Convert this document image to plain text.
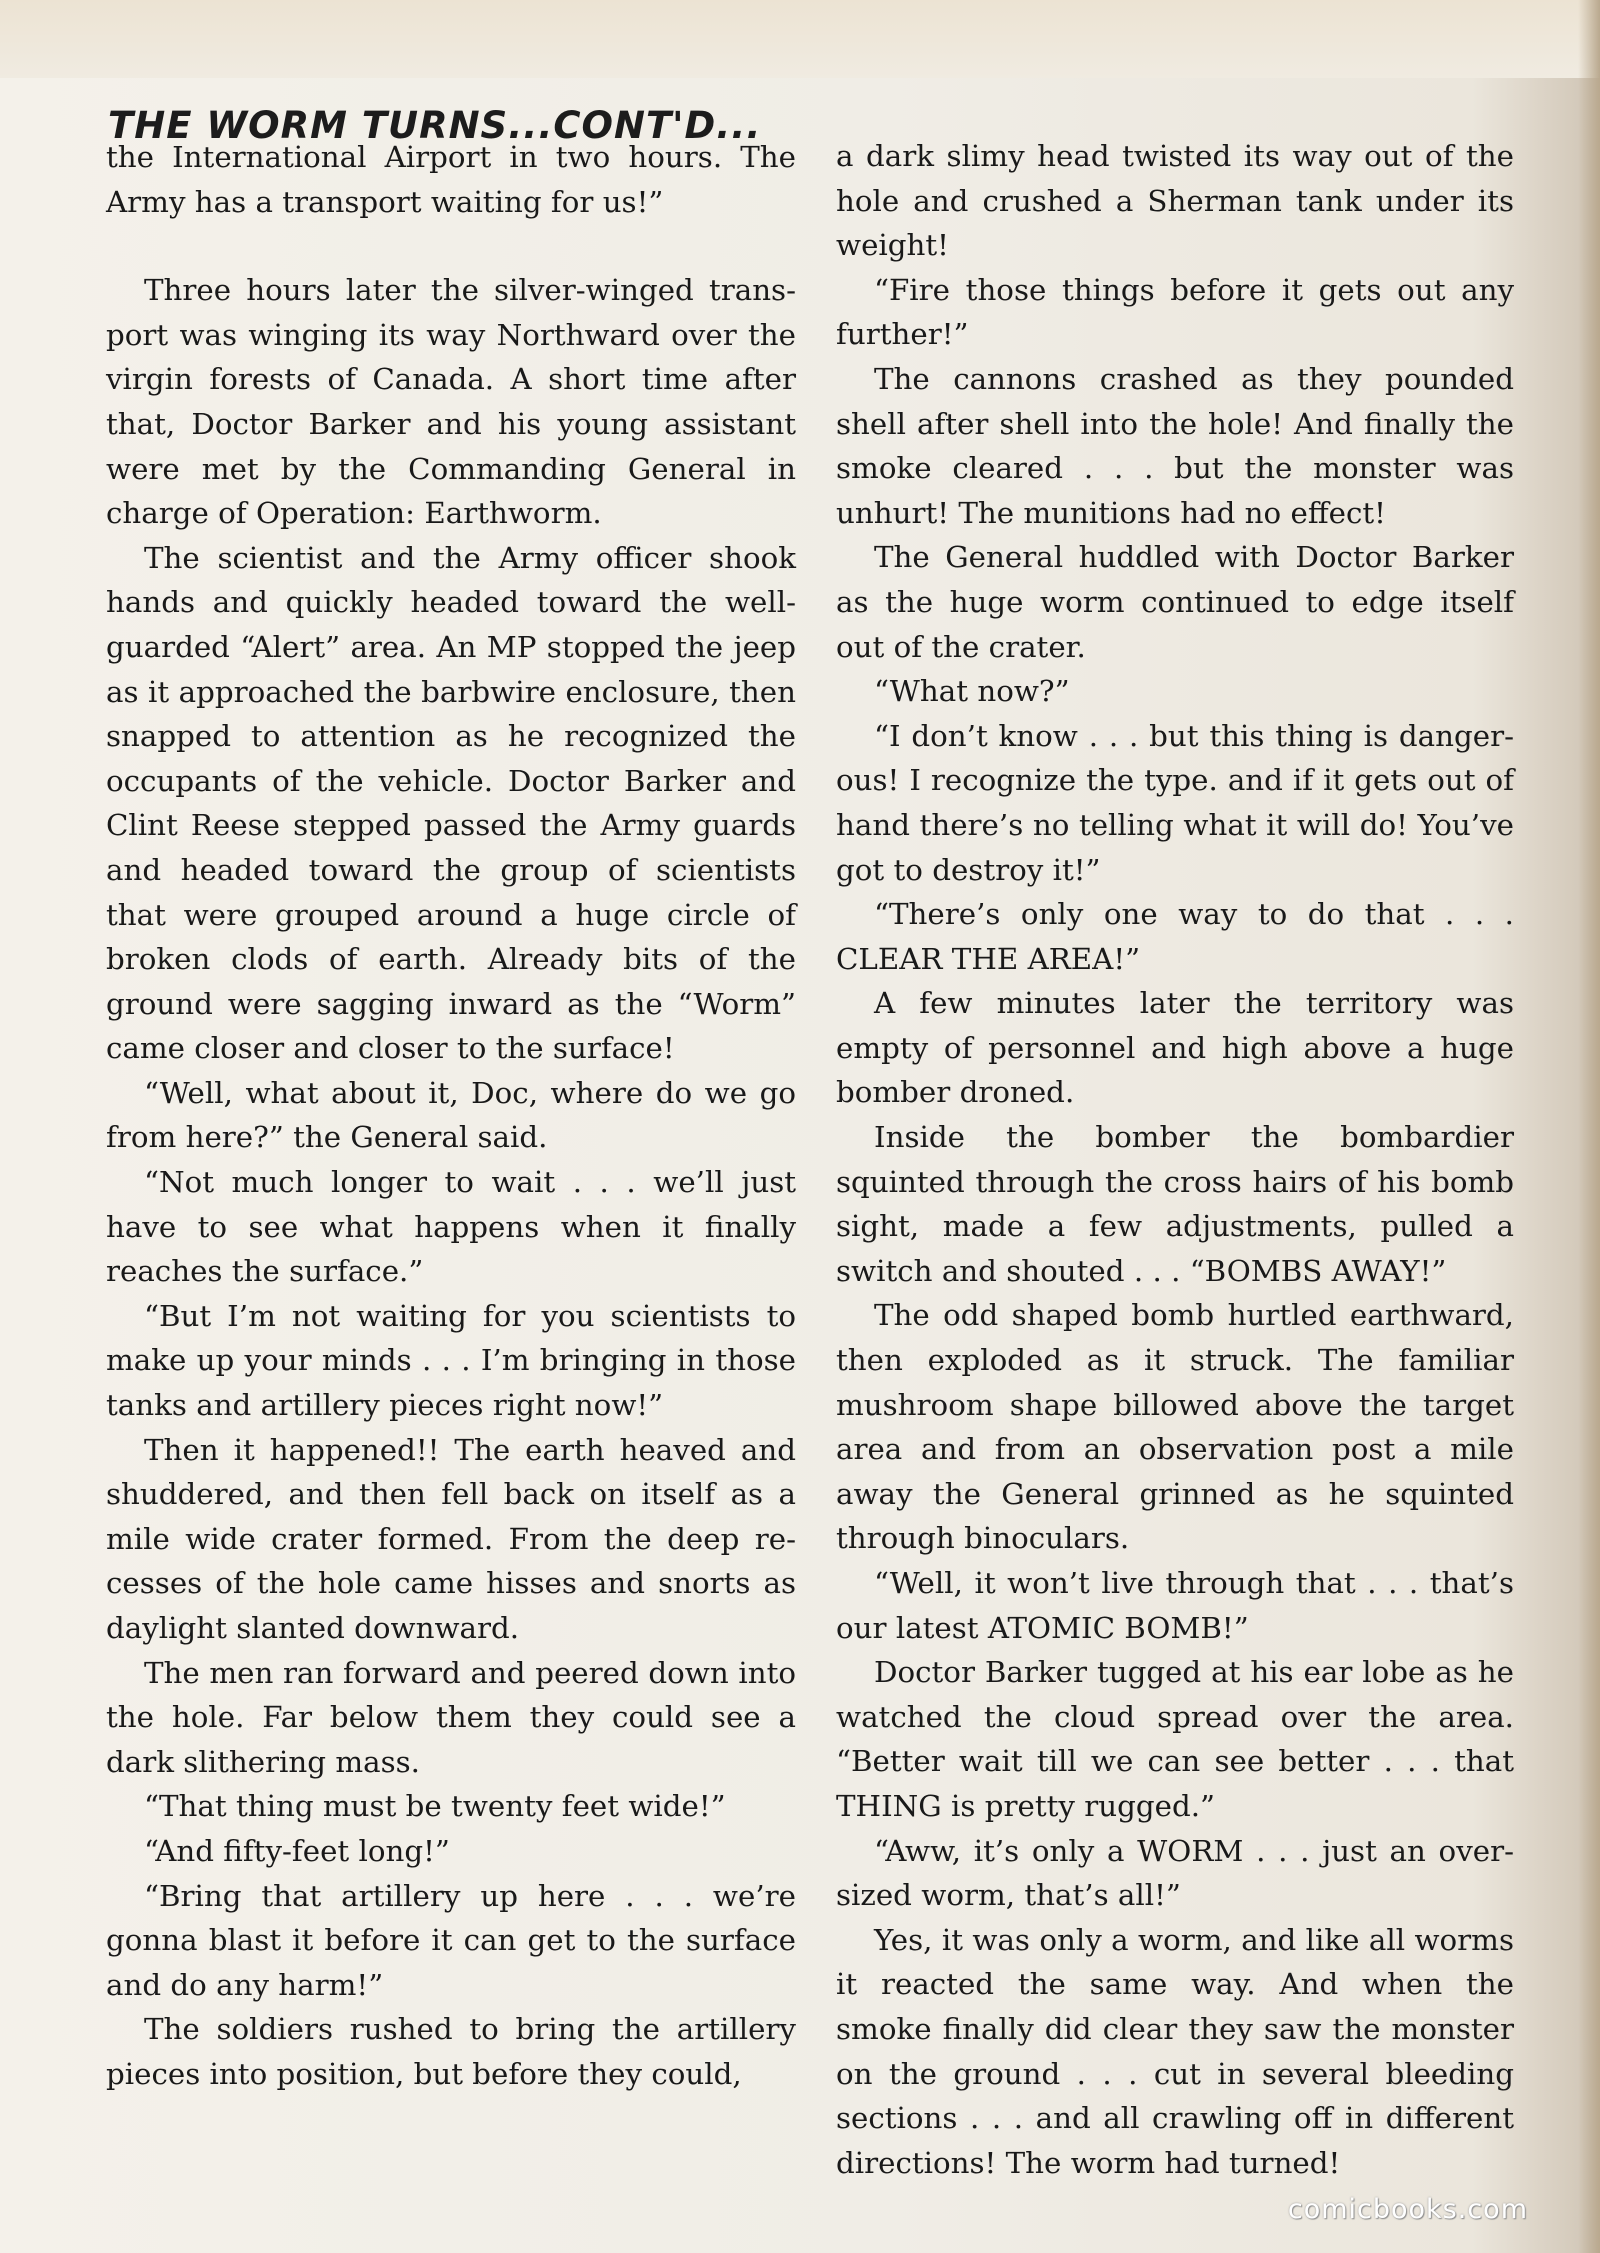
THE WORM TURNS...CONT'D...

the International Airport in two hours. The Army has a transport waiting for us!”

Three hours later the silver-winged transport was winging its way Northward over the virgin forests of Canada. A short time after that, Doctor Barker and his young assistant were met by the Commanding General in charge of Operation: Earthworm.

The scientist and the Army officer shook hands and quickly headed toward the well-guarded “Alert” area. An MP stopped the jeep as it approached the barbwire enclosure, then snapped to attention as he recognized the occupants of the vehicle. Doctor Barker and Clint Reese stepped passed the Army guards and headed toward the group of scientists that were grouped around a huge circle of broken clods of earth. Already bits of the ground were sagging inward as the “Worm” came closer and closer to the surface!

“Well, what about it, Doc, where do we go from here?” the General said.

“Not much longer to wait . . . we’ll just have to see what happens when it finally reaches the surface.”

“But I’m not waiting for you scientists to make up your minds . . . I’m bringing in those tanks and artillery pieces right now!”

Then it happened!! The earth heaved and shuddered, and then fell back on itself as a mile wide crater formed. From the deep recesses of the hole came hisses and snorts as daylight slanted downward.

The men ran forward and peered down into the hole. Far below them they could see a dark slithering mass.

“That thing must be twenty feet wide!”

“And fifty-feet long!”

“Bring that artillery up here . . . we’re gonna blast it before it can get to the surface and do any harm!”

The soldiers rushed to bring the artillery pieces into position, but before they could,

a dark slimy head twisted its way out of the hole and crushed a Sherman tank under its weight!

“Fire those things before it gets out any further!”

The cannons crashed as they pounded shell after shell into the hole! And finally the smoke cleared . . . but the monster was unhurt! The munitions had no effect!

The General huddled with Doctor Barker as the huge worm continued to edge itself out of the crater.

“What now?”

“I don’t know . . . but this thing is dangerous! I recognize the type. and if it gets out of hand there’s no telling what it will do! You’ve got to destroy it!”

“There’s only one way to do that . . . CLEAR THE AREA!”

A few minutes later the territory was empty of personnel and high above a huge bomber droned.

Inside the bomber the bombardier squinted through the cross hairs of his bomb sight, made a few adjustments, pulled a switch and shouted . . . “BOMBS AWAY!”

The odd shaped bomb hurtled earthward, then exploded as it struck. The familiar mushroom shape billowed above the target area and from an observation post a mile away the General grinned as he squinted through binoculars.

“Well, it won’t live through that . . . that’s our latest ATOMIC BOMB!”

Doctor Barker tugged at his ear lobe as he watched the cloud spread over the area. “Better wait till we can see better . . . that THING is pretty rugged.”

“Aww, it’s only a WORM . . . just an oversized worm, that’s all!”

Yes, it was only a worm, and like all worms it reacted the same way. And when the smoke finally did clear they saw the monster on the ground . . . cut in several bleeding sections . . . and all crawling off in different directions! The worm had turned!

comicbooks.com
